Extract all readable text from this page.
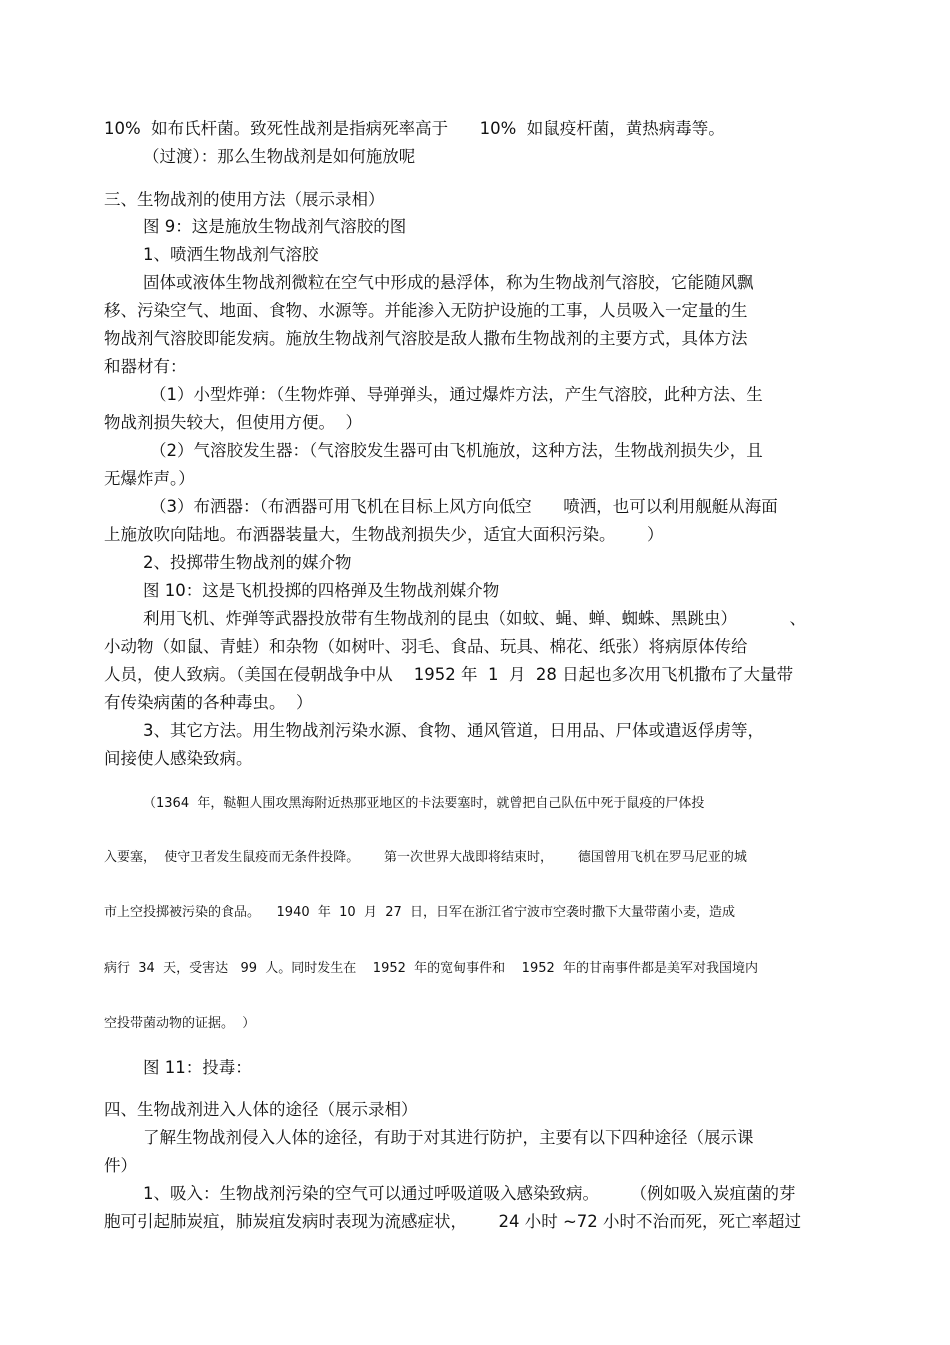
10%  如布氏杆菌。致死性战剂是指病死率高于      10%  如鼠疫杆菌，黄热病毒等。

（过渡）：那么生物战剂是如何施放呢

三、生物战剂的使用方法（展示录相）

图 9：这是施放生物战剂气溶胶的图

1、喷洒生物战剂气溶胶

固体或液体生物战剂微粒在空气中形成的悬浮体，称为生物战剂气溶胶，它能随风飘

移、污染空气、地面、食物、水源等。并能渗入无防护设施的工事，人员吸入一定量的生

物战剂气溶胶即能发病。施放生物战剂气溶胶是敌人撒布生物战剂的主要方式，具体方法

和器材有：

（1）小型炸弹：（生物炸弹、导弹弹头，通过爆炸方法，产生气溶胶，此种方法、生

物战剂损失较大，但使用方便。  ）

（2）气溶胶发生器：（气溶胶发生器可由飞机施放，这种方法，生物战剂损失少，且

无爆炸声。）

（3）布洒器：（布洒器可用飞机在目标上风方向低空      喷洒，也可以利用舰艇从海面

上施放吹向陆地。布洒器装量大，生物战剂损失少，适宜大面积污染。      ）

2、投掷带生物战剂的媒介物

图 10：这是飞机投掷的四格弹及生物战剂媒介物

利用飞机、炸弹等武器投放带有生物战剂的昆虫（如蚊、蝇、蝉、蜘蛛、黑跳虫）          、

小动物（如鼠、青蛙）和杂物（如树叶、羽毛、食品、玩具、棉花、纸张）将病原体传给

人员，使人致病。（美国在侵朝战争中从    1952 年  1  月  28 日起也多次用飞机撒布了大量带

有传染病菌的各种毒虫。  ）

3、其它方法。用生物战剂污染水源、食物、通风管道，日用品、尸体或遣返俘虏等，

间接使人感染致病。

（1364  年，鞑靼人围攻黑海附近热那亚地区的卡法要塞时，就曾把自己队伍中死于鼠疫的尸体投

入要塞，  使守卫者发生鼠疫而无条件投降。      第一次世界大战即将结束时，      德国曾用飞机在罗马尼亚的城

市上空投掷被污染的食品。    1940  年  10  月  27  日，日军在浙江省宁波市空袭时撒下大量带菌小麦，造成

病行  34  天，受害达   99  人。同时发生在    1952  年的宽甸事件和    1952  年的甘南事件都是美军对我国境内

空投带菌动物的证据。  ）

图 11：投毒：

四、生物战剂进入人体的途径（展示录相）

了解生物战剂侵入人体的途径，有助于对其进行防护，主要有以下四种途径（展示课

件）

1、吸入：生物战剂污染的空气可以通过呼吸道吸入感染致病。      （例如吸入炭疽菌的芽

胞可引起肺炭疽，肺炭疽发病时表现为流感症状，      24 小时 ~72 小时不治而死，死亡率超过
